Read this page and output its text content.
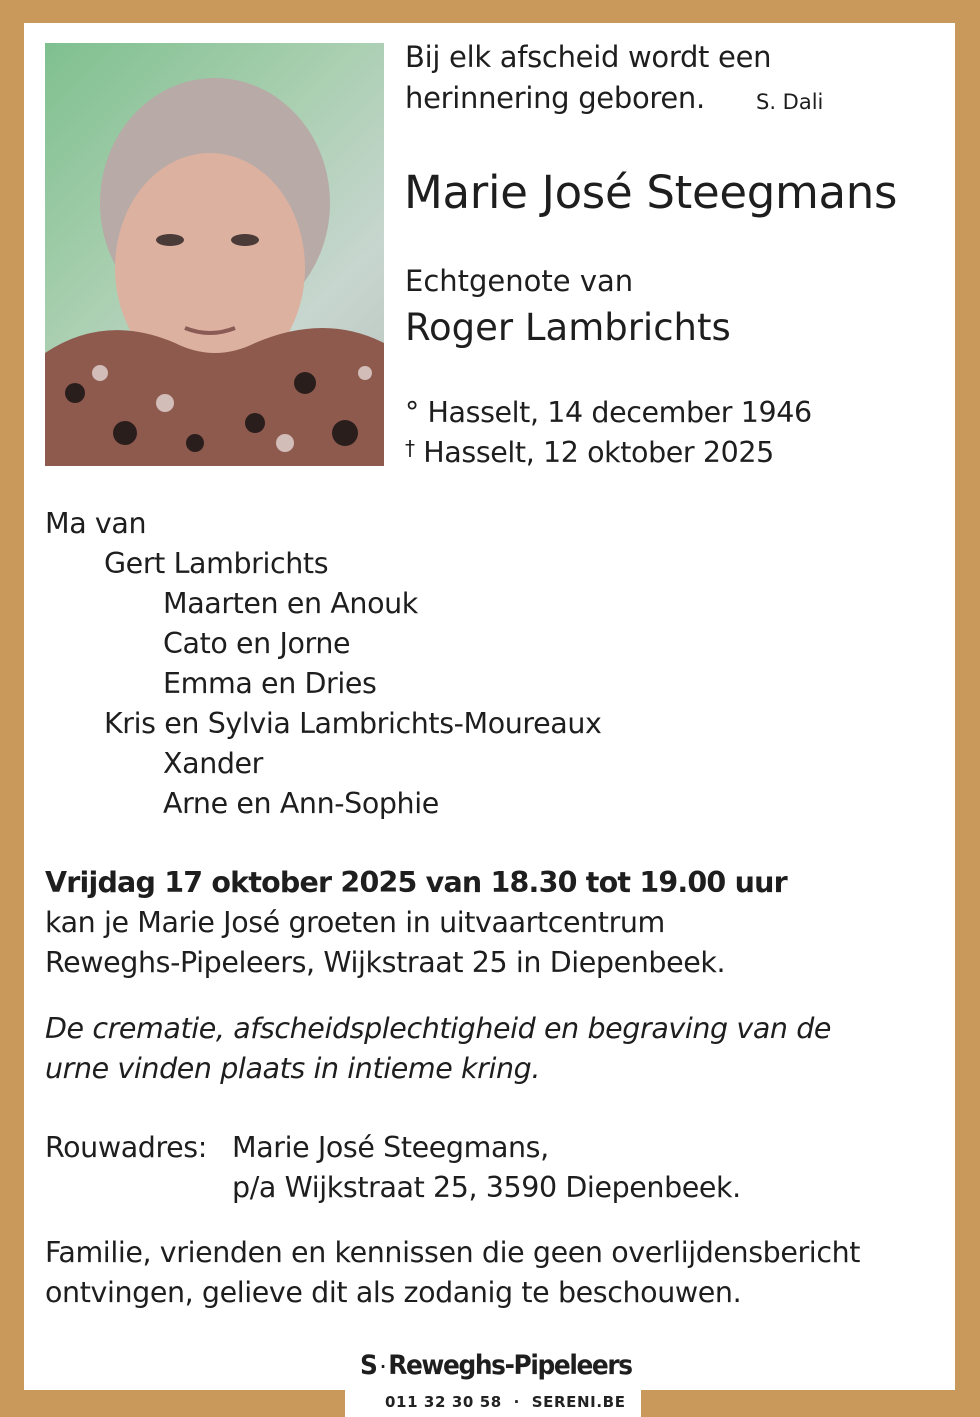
Bij elk afscheid wordt een
herinnering geboren. S. Dali
Marie José Steegmans
Echtgenote van
Roger Lambrichts
° Hasselt, 14 december 1946
† Hasselt, 12 oktober 2025
Ma van
Gert Lambrichts
Maarten en Anouk
Cato en Jorne
Emma en Dries
Kris en Sylvia Lambrichts-Moureaux
Xander
Arne en Ann-Sophie
Vrijdag 17 oktober 2025 van 18.30 tot 19.00 uur
kan je Marie José groeten in uitvaartcentrum
Reweghs-Pipeleers, Wijkstraat 25 in Diepenbeek.
De crematie, afscheidsplechtigheid en begraving van de
urne vinden plaats in intieme kring.
Rouwadres: Marie José Steegmans,
p/a Wijkstraat 25, 3590 Diepenbeek.
Familie, vrienden en kennissen die geen overlijdensbericht
ontvingen, gelieve dit als zodanig te beschouwen.
S · Reweghs-Pipeleers
011 32 30 58 · SERENI.BE
